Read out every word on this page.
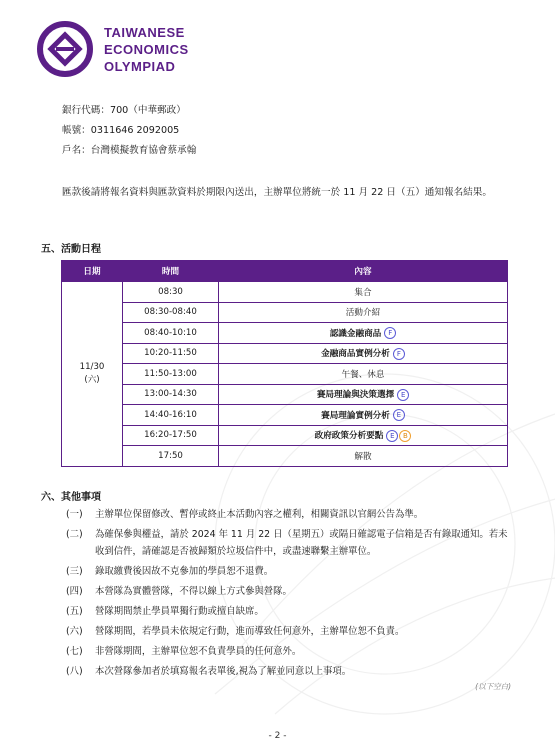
TAIWANESE
ECONOMICS
OLYMPIAD
銀行代碼：700（中華郵政）
帳號：0311646 2092005
戶名：台灣模擬教育協會蔡承翰
匯款後請將報名資料與匯款資料於期限內送出，主辦單位將統一於 11 月 22 日（五）通知報名結果。
五、活動日程
日期	時間	內容

11/30
(六)	08:30	集合
	08:30-08:40	活動介紹
	08:40-10:10	認識金融商品 F
	10:20-11:50	金融商品實例分析 F
	11:50-13:00	午餐、休息
	13:00-14:30	賽局理論與決策選擇 E
	14:40-16:10	賽局理論實例分析 E
	16:20-17:50	政府政策分析要點 E B
	17:50	解散
六、其他事項
(一)	主辦單位保留修改、暫停或終止本活動內容之權利，相關資訊以官網公告為準。
(二)	為確保參與權益，請於 2024 年 11 月 22 日（星期五）或隔日確認電子信箱是否有錄取通知。若未收到信件，請確認是否被歸類於垃圾信件中，或盡速聯繫主辦單位。
(三)	錄取繳費後因故不克參加的學員恕不退費。
(四)	本營隊為實體營隊，不得以線上方式參與營隊。
(五)	營隊期間禁止學員單獨行動或擅自缺席。
(六)	營隊期間，若學員未依規定行動，進而導致任何意外，主辦單位恕不負責。
(七)	非營隊期間，主辦單位恕不負責學員的任何意外。
(八)	本次營隊參加者於填寫報名表單後,視為了解並同意以上事項。
(以下空白)
- 2 -
